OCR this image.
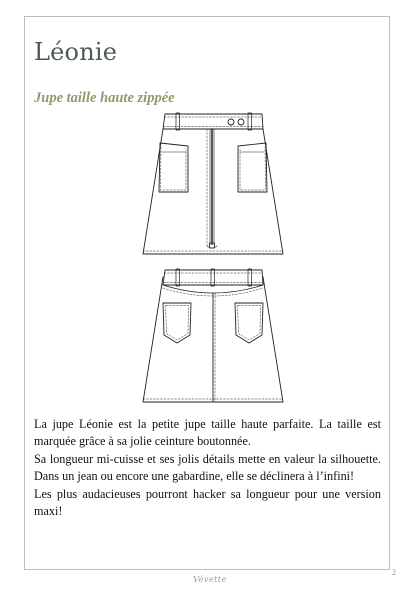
Léonie
Jupe taille haute zippée

La jupe Léonie est la petite jupe taille haute parfaite. La taille est marquée grâce à sa jolie ceinture boutonnée.

Sa longueur mi-cuisse et ses jolis détails mette en valeur la silhouette. Dans un jean ou encore une gabardine, elle se déclinera à l’infini!

Les plus audacieuses pourront hacker sa longueur pour une version maxi!

Vévette
2
